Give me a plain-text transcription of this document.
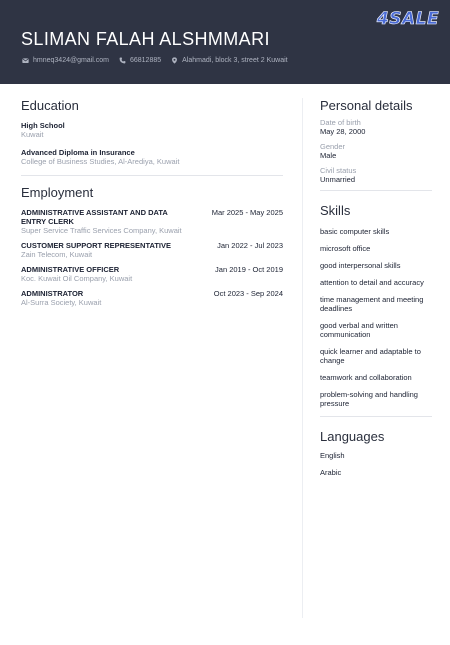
SLIMAN FALAH ALSHMMARI
hmneq3424@gmail.com	66812885	Alahmadi, block 3, street 2 Kuwait
4SALE
Education
High School
Kuwait
Advanced Diploma in Insurance
College of Business Studies, Al-Arediya, Kuwait
Employment
ADMINISTRATIVE ASSISTANT AND DATA ENTRY CLERK
Mar 2025 - May 2025
Super Service Traffic Services Company, Kuwait
CUSTOMER SUPPORT REPRESENTATIVE	Jan 2022 - Jul 2023
Zain Telecom, Kuwait
ADMINISTRATIVE OFFICER	Jan 2019 - Oct 2019
Koc. Kuwait Oil Company, Kuwait
ADMINISTRATOR	Oct 2023 - Sep 2024
Al-Surra Society, Kuwait
Personal details
Date of birth
May 28, 2000
Gender
Male
Civil status
Unmarried
Skills
basic computer skills
microsoft office
good interpersonal skills
attention to detail and accuracy
time management and meeting deadlines
good verbal and written communication
quick learner and adaptable to change
teamwork and collaboration
problem-solving and handling pressure
Languages
English
Arabic
